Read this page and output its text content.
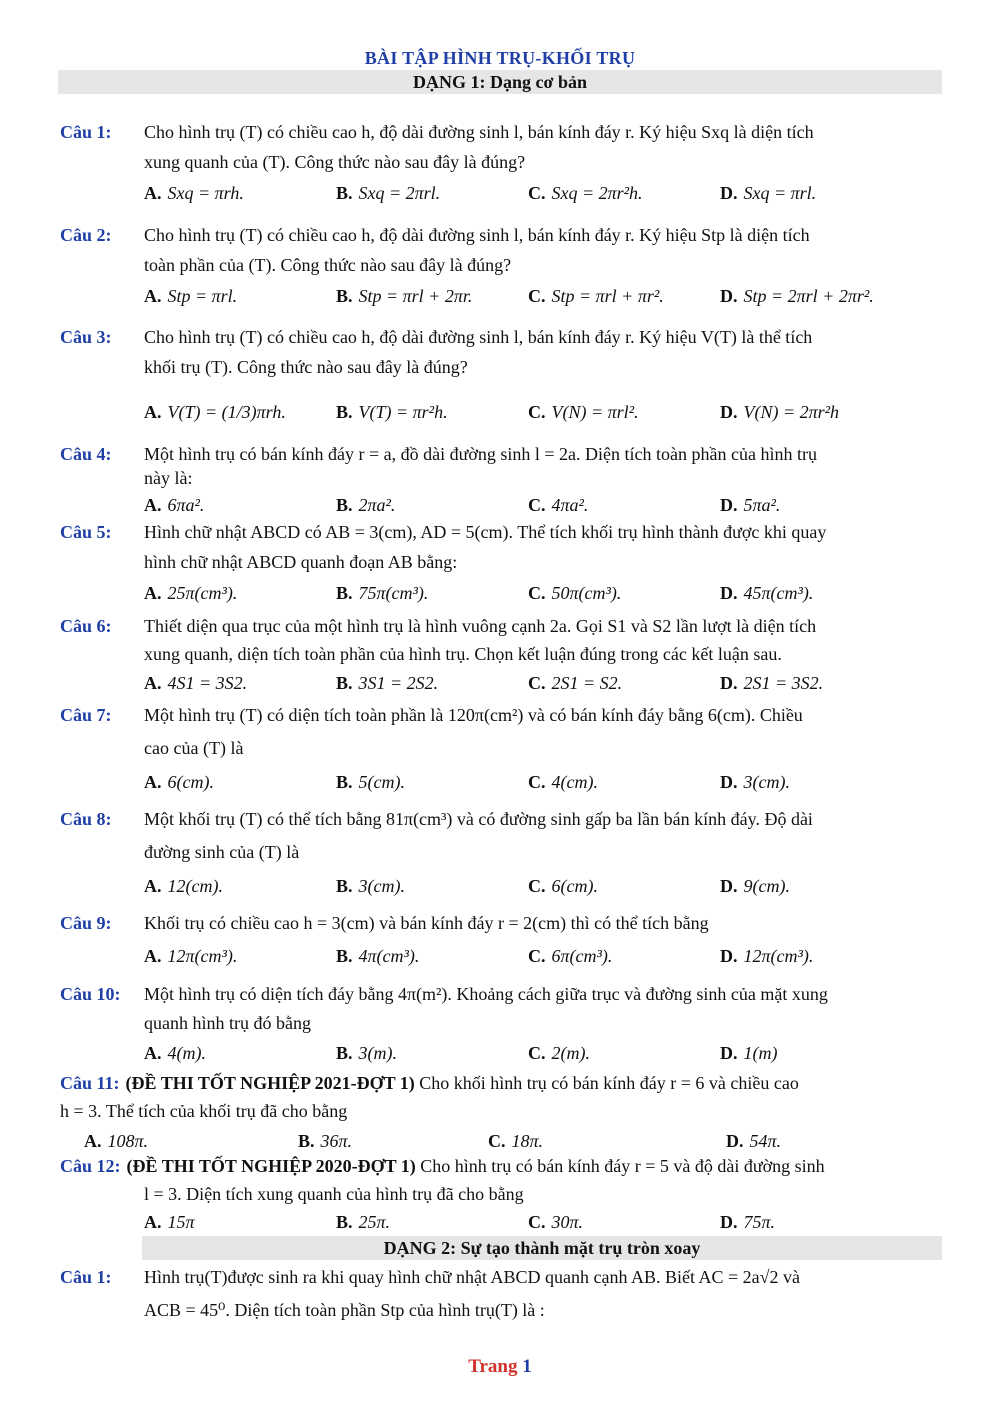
BÀI TẬP HÌNH TRỤ-KHỐI TRỤ
DẠNG 1: Dạng cơ bản
Câu 1:	Cho hình trụ (T) có chiều cao h, độ dài đường sinh l, bán kính đáy r. Ký hiệu Sxq là diện tích
xung quanh của (T). Công thức nào sau đây là đúng?
A. Sxq = πrh.	B. Sxq = 2πrl.	C. Sxq = 2πr²h.	D. Sxq = πrl.
Câu 2:	Cho hình trụ (T) có chiều cao h, độ dài đường sinh l, bán kính đáy r. Ký hiệu Stp là diện tích
toàn phần của (T). Công thức nào sau đây là đúng?
A. Stp = πrl.	B. Stp = πrl + 2πr.	C. Stp = πrl + πr².	D. Stp = 2πrl + 2πr².
Câu 3:	Cho hình trụ (T) có chiều cao h, độ dài đường sinh l, bán kính đáy r. Ký hiệu V(T) là thể tích
khối trụ (T). Công thức nào sau đây là đúng?
A. V(T) = (1/3)πrh.	B. V(T) = πr²h.	C. V(N) = πrl².	D. V(N) = 2πr²h
Câu 4:	Một hình trụ có bán kính đáy r = a, đồ dài đường sinh l = 2a. Diện tích toàn phần của hình trụ
này là:
A. 6πa².	B. 2πa².	C. 4πa².	D. 5πa².
Câu 5:	Hình chữ nhật ABCD có AB = 3(cm), AD = 5(cm). Thể tích khối trụ hình thành được khi quay
hình chữ nhật ABCD quanh đoạn AB bằng:
A. 25π(cm³).	B. 75π(cm³).	C. 50π(cm³).	D. 45π(cm³).
Câu 6:	Thiết diện qua trục của một hình trụ là hình vuông cạnh 2a. Gọi S1 và S2 lần lượt là diện tích
xung quanh, diện tích toàn phần của hình trụ. Chọn kết luận đúng trong các kết luận sau.
A. 4S1 = 3S2.	B. 3S1 = 2S2.	C. 2S1 = S2.	D. 2S1 = 3S2.
Câu 7:	Một hình trụ (T) có diện tích toàn phần là 120π(cm²) và có bán kính đáy bằng 6(cm). Chiều
cao của (T) là
A. 6(cm).	B. 5(cm).	C. 4(cm).	D. 3(cm).
Câu 8:	Một khối trụ (T) có thể tích bằng 81π(cm³) và có đường sinh gấp ba lần bán kính đáy. Độ dài
đường sinh của (T) là
A. 12(cm).	B. 3(cm).	C. 6(cm).	D. 9(cm).
Câu 9:	Khối trụ có chiều cao h = 3(cm) và bán kính đáy r = 2(cm) thì có thể tích bằng
A. 12π(cm³).	B. 4π(cm³).	C. 6π(cm³).	D. 12π(cm³).
Câu 10:	Một hình trụ có diện tích đáy bằng 4π(m²). Khoảng cách giữa trục và đường sinh của mặt xung
quanh hình trụ đó bằng
A. 4(m).	B. 3(m).	C. 2(m).	D. 1(m)
Câu 11: (ĐỀ THI TỐT NGHIỆP 2021-ĐỢT 1) Cho khối hình trụ có bán kính đáy r = 6 và chiều cao
h = 3. Thể tích của khối trụ đã cho bằng
A. 108π.	B. 36π.	C. 18π.	D. 54π.
Câu 12: (ĐỀ THI TỐT NGHIỆP 2020-ĐỢT 1) Cho hình trụ có bán kính đáy r = 5 và độ dài đường sinh
l = 3. Diện tích xung quanh của hình trụ đã cho bằng
A. 15π	B. 25π.	C. 30π.	D. 75π.
DẠNG 2: Sự tạo thành mặt trụ tròn xoay
Câu 1:	Hình trụ(T)được sinh ra khi quay hình chữ nhật ABCD quanh cạnh AB. Biết AC = 2a√2 và
ACB = 45⁰. Diện tích toàn phần Stp của hình trụ(T) là :
Trang 1
